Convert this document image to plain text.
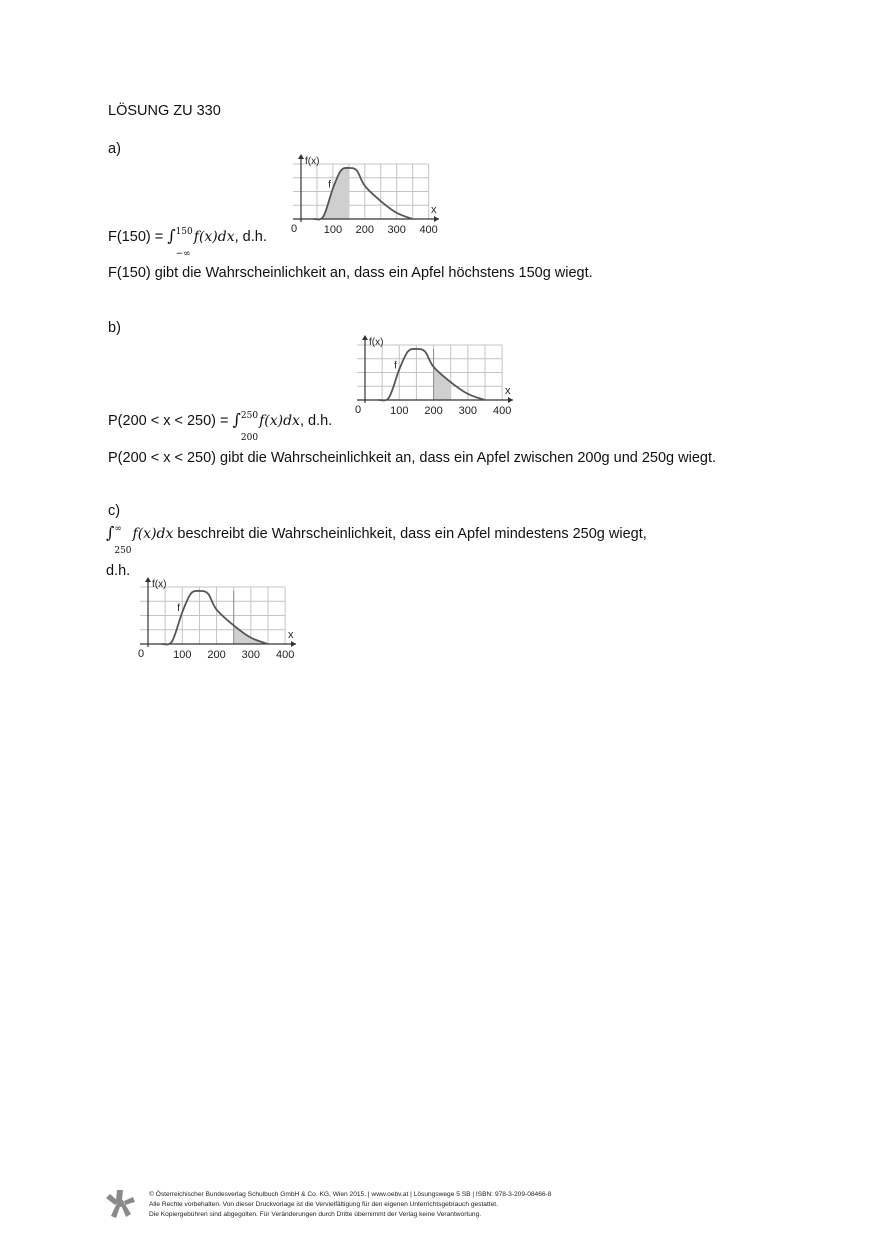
LÖSUNG ZU 330
a)
F(150) = ∫ 150
−∞
f(x)dx, d.h.
F(150) gibt die Wahrscheinlichkeit an, dass ein Apfel höchstens 150g wiegt.
b)
P(200 < x < 250) = ∫ 250
200
f(x)dx, d.h.
P(200 < x < 250) gibt die Wahrscheinlichkeit an, dass ein Apfel zwischen 200g und 250g wiegt.
c)
∫ ∞
250
f(x)dx beschreibt die Wahrscheinlichkeit, dass ein Apfel mindestens 250g wiegt,
d.h.
f(x)
f
x
0 100 200 300 400
f(x)
f
x
0	100 200 300 400
f(x)
f
x
0	100 200 300 400
© Österreichischer Bundesverlag Schulbuch GmbH & Co. KG, Wien 2015. | www.oebv.at | Lösungswege 5 SB | ISBN: 978-3-209-08466-8
Alle Rechte vorbehalten. Von dieser Druckvorlage ist die Vervielfältigung für den eigenen Unterrichtsgebrauch gestattet.
Die Kopiergebühren sind abgegolten. Für Veränderungen durch Dritte übernimmt der Verlag keine Verantwortung.
